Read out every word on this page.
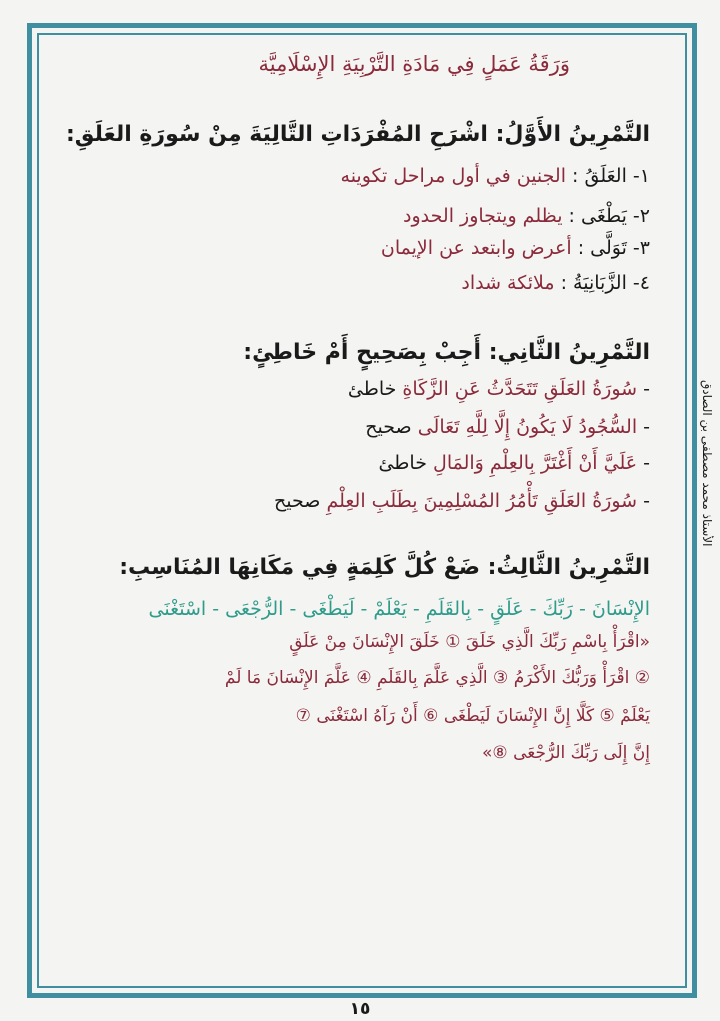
وَرَقَةُ عَمَلٍ فِي مَادَةِ التَّرْبِيَةِ الإِسْلَامِيَّة
التَّمْرِينُ الأَوَّلُ: اشْرَحِ المُفْرَدَاتِ التَّالِيَةَ مِنْ سُورَةِ العَلَقِ:
١- العَلَقُ : الجنين في أول مراحل تكوينه
٢- يَطْغَى : يظلم ويتجاوز الحدود
٣- تَوَلَّى : أعرض وابتعد عن الإيمان
٤- الزَّبَانِيَةُ : ملائكة شداد
التَّمْرِينُ الثَّانِي: أَجِبْ بِصَحِيحٍ أَمْ خَاطِئٍ:
- سُورَةُ العَلَقِ تَتَحَدَّثُ عَنِ الزَّكَاةِ خاطئ
- السُّجُودُ لَا يَكُونُ إِلَّا لِلَّهِ تَعَالَى صحيح
- عَلَيَّ أَنْ أَغْتَرَّ بِالعِلْمِ وَالمَالِ خاطئ
- سُورَةُ العَلَقِ تَأْمُرُ المُسْلِمِينَ بِطَلَبِ العِلْمِ صحيح
التَّمْرِينُ الثَّالِثُ: ضَعْ كُلَّ كَلِمَةٍ فِي مَكَانِهَا المُنَاسِبِ:
الإِنْسَانَ - رَبِّكَ - عَلَقٍ - بِالقَلَمِ - يَعْلَمْ - لَيَطْغَى - الرُّجْعَى - اسْتَغْنَى
«اقْرَأْ بِاسْمِ رَبِّكَ الَّذِي خَلَقَ ① خَلَقَ الإِنْسَانَ مِنْ عَلَقٍ
② اقْرَأْ وَرَبُّكَ الأَكْرَمُ ③ الَّذِي عَلَّمَ بِالقَلَمِ ④ عَلَّمَ الإِنْسَانَ مَا لَمْ
يَعْلَمْ ⑤ كَلَّا إِنَّ الإِنْسَانَ لَيَطْغَى ⑥ أَنْ رَآهُ اسْتَغْنَى ⑦
إِنَّ إِلَى رَبِّكَ الرُّجْعَى ⑧»
الأستاذ محمد مصطفى بن الصادق
١٥
